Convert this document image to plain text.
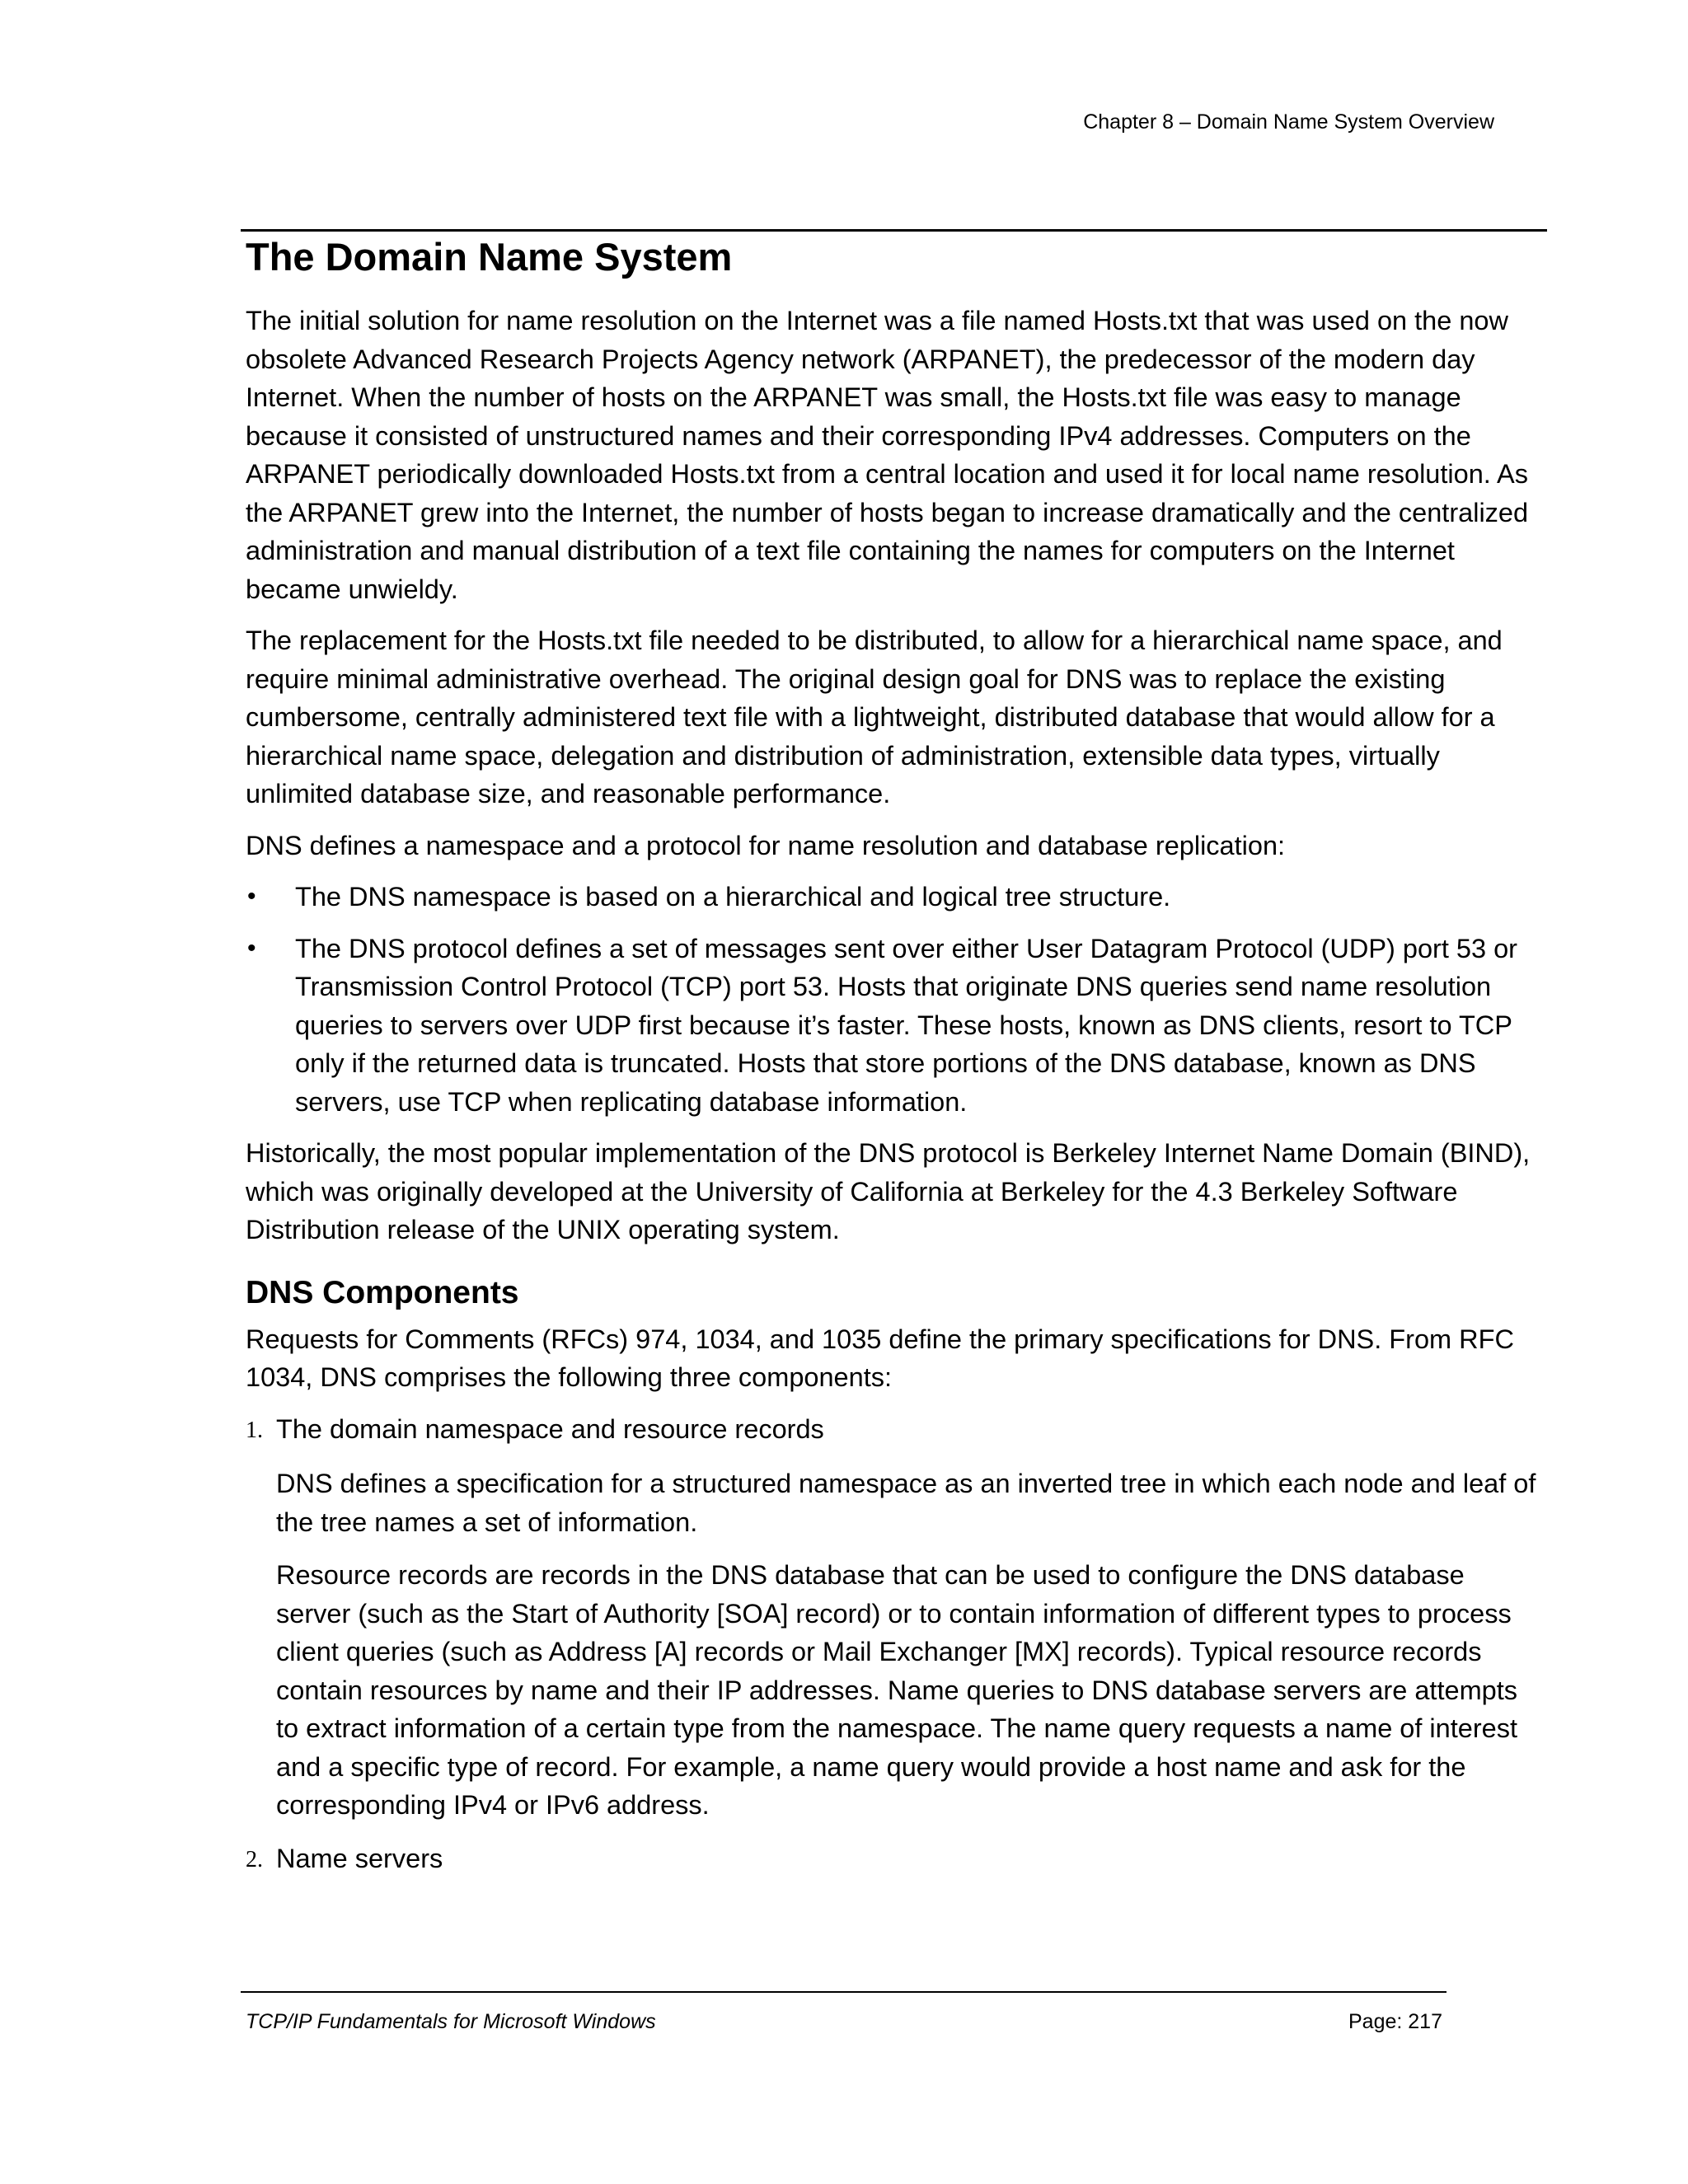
Chapter 8 – Domain Name System Overview
The Domain Name System

The initial solution for name resolution on the Internet was a file named Hosts.txt that was used on the now obsolete Advanced Research Projects Agency network (ARPANET), the predecessor of the modern day Internet. When the number of hosts on the ARPANET was small, the Hosts.txt file was easy to manage because it consisted of unstructured names and their corresponding IPv4 addresses. Computers on the ARPANET periodically downloaded Hosts.txt from a central location and used it for local name resolution. As the ARPANET grew into the Internet, the number of hosts began to increase dramatically and the centralized administration and manual distribution of a text file containing the names for computers on the Internet became unwieldy.

The replacement for the Hosts.txt file needed to be distributed, to allow for a hierarchical name space, and require minimal administrative overhead. The original design goal for DNS was to replace the existing cumbersome, centrally administered text file with a lightweight, distributed database that would allow for a hierarchical name space, delegation and distribution of administration, extensible data types, virtually unlimited database size, and reasonable performance.

DNS defines a namespace and a protocol for name resolution and database replication:

• The DNS namespace is based on a hierarchical and logical tree structure.
• The DNS protocol defines a set of messages sent over either User Datagram Protocol (UDP) port 53 or Transmission Control Protocol (TCP) port 53. Hosts that originate DNS queries send name resolution queries to servers over UDP first because it’s faster. These hosts, known as DNS clients, resort to TCP only if the returned data is truncated. Hosts that store portions of the DNS database, known as DNS servers, use TCP when replicating database information.

Historically, the most popular implementation of the DNS protocol is Berkeley Internet Name Domain (BIND), which was originally developed at the University of California at Berkeley for the 4.3 Berkeley Software Distribution release of the UNIX operating system.

DNS Components

Requests for Comments (RFCs) 974, 1034, and 1035 define the primary specifications for DNS. From RFC 1034, DNS comprises the following three components:

1. The domain namespace and resource records

DNS defines a specification for a structured namespace as an inverted tree in which each node and leaf of the tree names a set of information.

Resource records are records in the DNS database that can be used to configure the DNS database server (such as the Start of Authority [SOA] record) or to contain information of different types to process client queries (such as Address [A] records or Mail Exchanger [MX] records). Typical resource records contain resources by name and their IP addresses. Name queries to DNS database servers are attempts to extract information of a certain type from the namespace. The name query requests a name of interest and a specific type of record. For example, a name query would provide a host name and ask for the corresponding IPv4 or IPv6 address.

2. Name servers
TCP/IP Fundamentals for Microsoft Windows	Page: 217
